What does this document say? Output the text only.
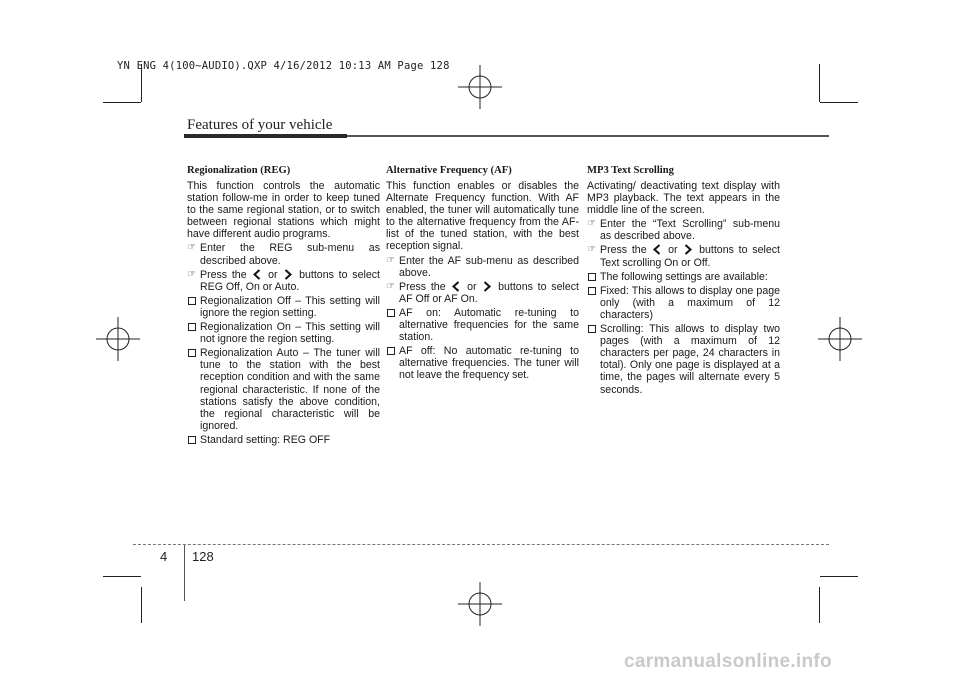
YN ENG 4(100~AUDIO).QXP 4/16/2012 10:13 AM Page 128
Features of your vehicle
Regionalization (REG)

This function controls the automatic station follow-me in order to keep tuned to the same regional station, or to switch between regional stations which might have different audio programs.

☞ Enter the REG sub-menu as described above.
☞ Press the or buttons to select REG Off, On or Auto.
Regionalization Off – This setting will ignore the region setting.
Regionalization On – This setting will not ignore the region setting.
Regionalization Auto – The tuner will tune to the station with the best reception condition and with the same regional characteristic. If none of the stations satisfy the above condition, the regional characteristic will be ignored.
Standard setting: REG OFF
Alternative Frequency (AF)

This function enables or disables the Alternate Frequency function. With AF enabled, the tuner will automatically tune to the alternative frequency from the AF-list of the tuned station, with the best reception signal.

☞ Enter the AF sub-menu as described above.
☞ Press the or buttons to select AF Off or AF On.
AF on: Automatic re-tuning to alternative frequencies for the same station.
AF off: No automatic re-tuning to alternative frequencies. The tuner will not leave the frequency set.
MP3 Text Scrolling

Activating/ deactivating text display with MP3 playback. The text appears in the middle line of the screen.

☞ Enter the “Text Scrolling” sub-menu as described above.
☞ Press the or buttons to select Text scrolling On or Off.
The following settings are available:
Fixed: This allows to display one page only (with a maximum of 12 characters)
Scrolling: This allows to display two pages (with a maximum of 12 characters per page, 24 characters in total). Only one page is displayed at a time, the pages will alternate every 5 seconds.
4 128
carmanualsonline.info
